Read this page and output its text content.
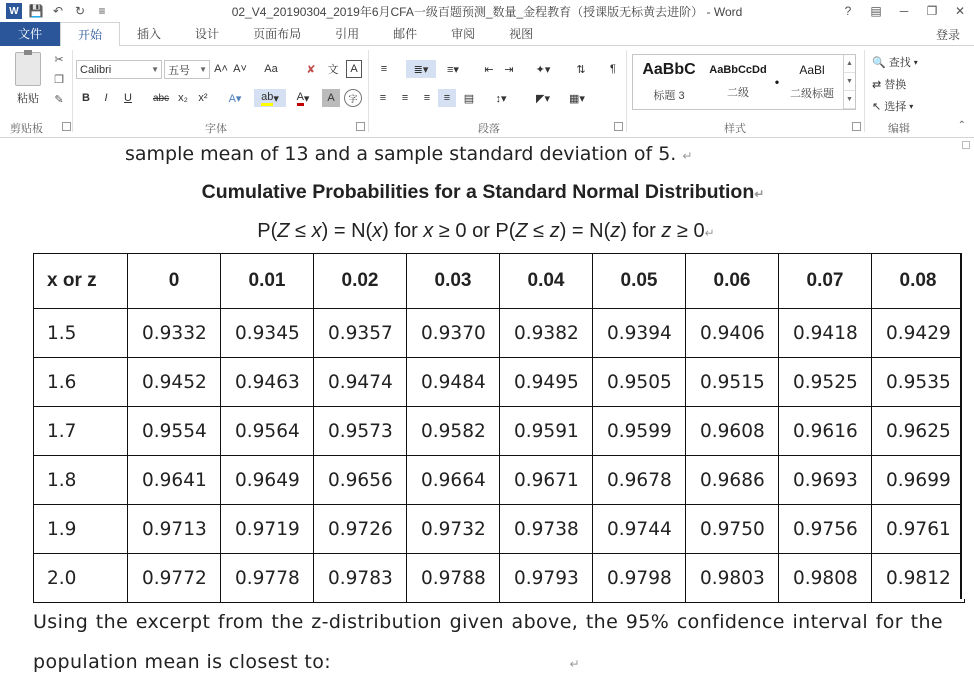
W 💾 ↶ ↻	≡	02_V4_20190304_2019年6月CFA一级百题预测_数量_金程教育（授课版无标黄去进阶） - Word	?	▤	─	❐	✕
文件	开始	插入	设计	页面布局	引用	邮件	审阅	视图	登录
粘贴
✂
❐
✎
剪贴板
Calibri	▼ 五号 ▼ A˄ A˅	Aa	✘	文	A
B	I	U	abc x₂ x²	A▾	ab ▾	A ▾	A	字
字体
≡	≣▾	≡▾	⇤ ⇥	✦▾	⇅	¶
≡	≡	≡	≡	▤	↕▾	◤▾	▦▾
段落
AaBbC
标题 3
AaBbCcDd
二级
•
AaBl
二级标题
▲
▼
▼
样式
🔍 查找 ▾
⇄ 替换
↖ 选择 ▾
编辑	⌃
sample mean of 13 and a sample standard deviation of 5. ↵
Cumulative Probabilities for a Standard Normal Distribution↵
P(Z ≤ x) = N(x) for x ≥ 0 or P(Z ≤ z) = N(z) for z ≥ 0↵
x or z	0	0.01	0.02	0.03	0.04	0.05	0.06	0.07	0.08
1.5	0.9332	0.9345	0.9357	0.9370	0.9382	0.9394	0.9406	0.9418	0.9429
1.6	0.9452	0.9463	0.9474	0.9484	0.9495	0.9505	0.9515	0.9525	0.9535
1.7	0.9554	0.9564	0.9573	0.9582	0.9591	0.9599	0.9608	0.9616	0.9625
1.8	0.9641	0.9649	0.9656	0.9664	0.9671	0.9678	0.9686	0.9693	0.9699
1.9	0.9713	0.9719	0.9726	0.9732	0.9738	0.9744	0.9750	0.9756	0.9761
2.0	0.9772	0.9778	0.9783	0.9788	0.9793	0.9798	0.9803	0.9808	0.9812
Using the excerpt from the z-distribution given above, the 95% confidence interval for the
population mean is closest to:	↵
